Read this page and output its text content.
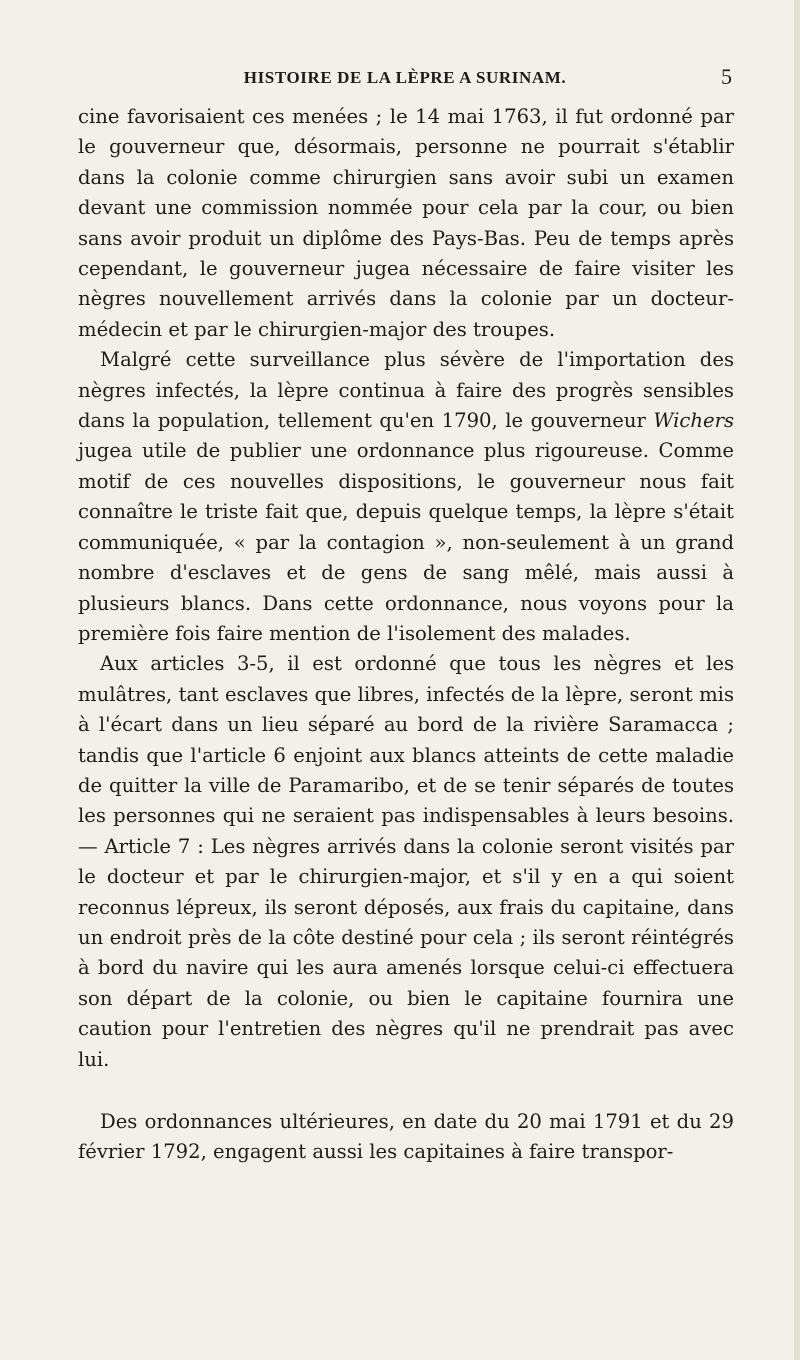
HISTOIRE DE LA LÈPRE A SURINAM.	5

cine favorisaient ces menées ; le 14 mai 1763, il fut ordonné par le gouverneur que, désormais, personne ne pourrait s'établir dans la colonie comme chirurgien sans avoir subi un examen devant une commission nommée pour cela par la cour, ou bien sans avoir produit un diplôme des Pays-Bas. Peu de temps après cependant, le gouverneur jugea nécessaire de faire visiter les nègres nouvellement arrivés dans la colonie par un docteur-médecin et par le chirurgien-major des troupes.

Malgré cette surveillance plus sévère de l'importation des nègres infectés, la lèpre continua à faire des progrès sensibles dans la population, tellement qu'en 1790, le gouverneur Wichers jugea utile de publier une ordonnance plus rigoureuse. Comme motif de ces nouvelles dispositions, le gouverneur nous fait connaître le triste fait que, depuis quelque temps, la lèpre s'était communiquée, « par la contagion », non-seulement à un grand nombre d'esclaves et de gens de sang mêlé, mais aussi à plusieurs blancs. Dans cette ordonnance, nous voyons pour la première fois faire mention de l'isolement des malades.

Aux articles 3-5, il est ordonné que tous les nègres et les mulâtres, tant esclaves que libres, infectés de la lèpre, seront mis à l'écart dans un lieu séparé au bord de la rivière Saramacca ; tandis que l'article 6 enjoint aux blancs atteints de cette maladie de quitter la ville de Paramaribo, et de se tenir séparés de toutes les personnes qui ne seraient pas indispensables à leurs besoins. — Article 7 : Les nègres arrivés dans la colonie seront visités par le docteur et par le chirurgien-major, et s'il y en a qui soient reconnus lépreux, ils seront déposés, aux frais du capitaine, dans un endroit près de la côte destiné pour cela ; ils seront réintégrés à bord du navire qui les aura amenés lorsque celui-ci effectuera son départ de la colonie, ou bien le capitaine fournira une caution pour l'entretien des nègres qu'il ne prendrait pas avec lui.

Des ordonnances ultérieures, en date du 20 mai 1791 et du 29 février 1792, engagent aussi les capitaines à faire transpor-
